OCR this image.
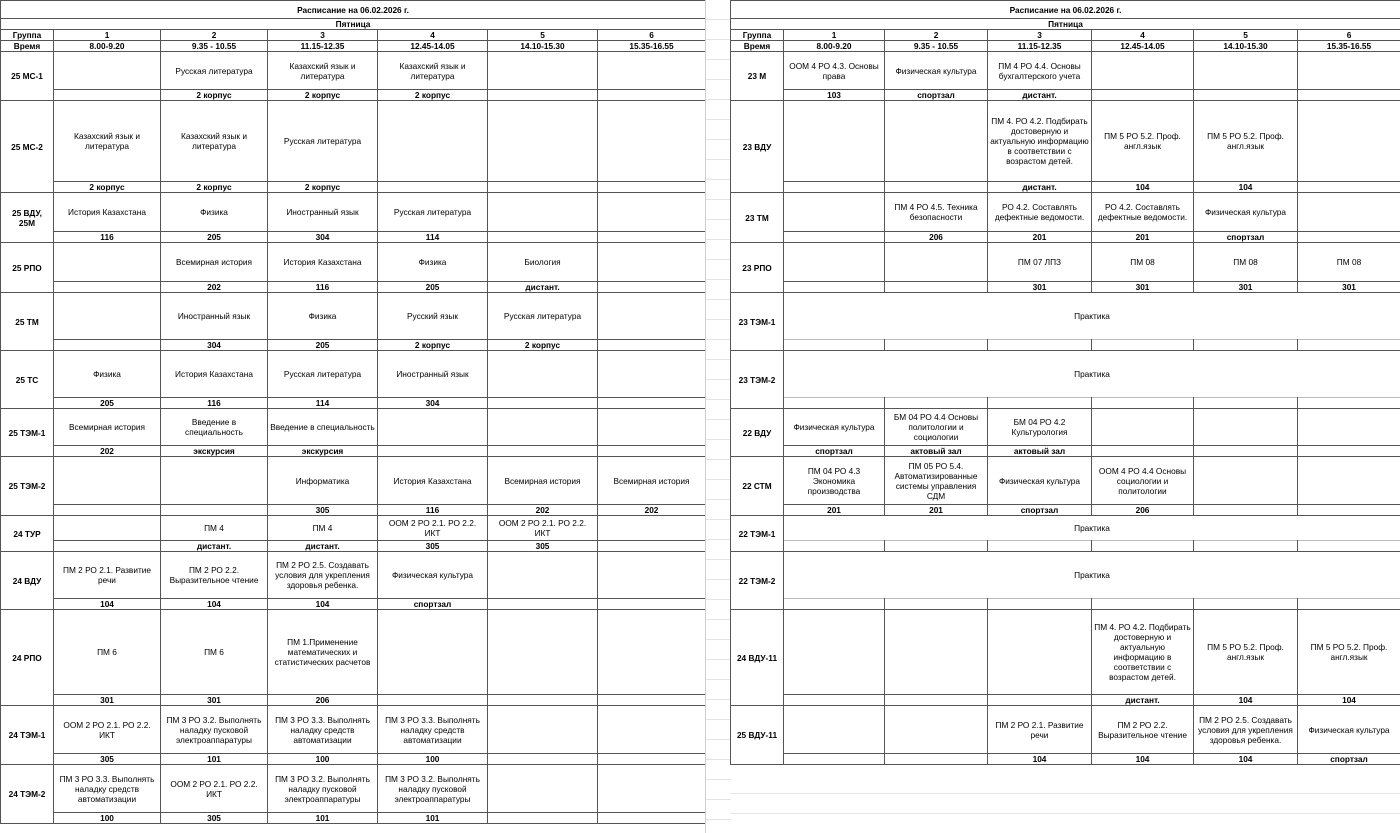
Расписание на 06.02.2026 г.						
Пятница						
Группа	1	2	3	4	5	6
Время	8.00-9.20	9.35 - 10.55	11.15-12.35	12.45-14.05	14.10-15.30	15.35-16.55
25 МС-1		Русская литература	Казахский язык и литература	Казахский язык и литература		
		2 корпус	2 корпус	2 корпус		
25 МС-2	Казахский язык и литература	Казахский язык и литература	Русская литература			
	2 корпус	2 корпус	2 корпус			
25 ВДУ, 25М	История Казахстана	Физика	Иностранный язык	Русская литература		
	116	205	304	114		
25 РПО		Всемирная история	История Казахстана	Физика	Биология	
		202	116	205	дистант.	
25 ТМ		Иностранный язык	Физика	Русский язык	Русская литература	
		304	205	2 корпус	2 корпус	
25 ТС	Физика	История Казахстана	Русская литература	Иностранный язык		
	205	116	114	304		
25 ТЭМ-1	Всемирная история	Введение в специальность	Введение в специальность			
	202	экскурсия	экскурсия			
25 ТЭМ-2			Информатика	История Казахстана	Всемирная история	Всемирная история
			305	116	202	202
24 ТУР		ПМ 4	ПМ 4	ООМ 2 РО 2.1. РО 2.2. ИКТ	ООМ 2 РО 2.1. РО 2.2. ИКТ	
		дистант.	дистант.	305	305	
24 ВДУ	ПМ 2 РО 2.1. Развитие речи	ПМ 2 РО 2.2. Выразительное чтение	ПМ 2 РО 2.5. Создавать условия для укрепления здоровья ребенка.	Физическая культура		
	104	104	104	спортзал		
24 РПО	ПМ 6	ПМ 6	ПМ 1.Применение математических и статистических расчетов			
	301	301	206			
24 ТЭМ-1	ООМ 2 РО 2.1. РО 2.2. ИКТ	ПМ 3 РО 3.2. Выполнять наладку пусковой электроаппаратуры	ПМ 3 РО 3.3. Выполнять наладку средств автоматизации	ПМ 3 РО 3.3. Выполнять наладку средств автоматизации		
	305	101	100	100		
24 ТЭМ-2	ПМ 3 РО 3.3. Выполнять наладку средств автоматизации	ООМ 2 РО 2.1. РО 2.2. ИКТ	ПМ 3 РО 3.2. Выполнять наладку пусковой электроаппаратуры	ПМ 3 РО 3.2. Выполнять наладку пусковой электроаппаратуры		
	100	305	101	101		
Расписание на 06.02.2026 г.						
Пятница						
Группа	1	2	3	4	5	6
Время	8.00-9.20	9.35 - 10.55	11.15-12.35	12.45-14.05	14.10-15.30	15.35-16.55
23 М	ООМ 4 РО 4.3. Основы права	Физическая культура	ПМ 4 РО 4.4. Основы бухгалтерского учета			
	103	спортзал	дистант.			
23 ВДУ			ПМ 4. РО 4.2. Подбирать достоверную и актуальную информацию в соответствии с возрастом детей.	ПМ 5 РО 5.2. Проф. англ.язык	ПМ 5 РО 5.2. Проф. англ.язык	
			дистант.	104	104	
23 ТМ		ПМ 4 РО 4.5. Техника безопасности	РО 4.2. Составлять дефектные ведомости.	РО 4.2. Составлять дефектные ведомости.	Физическая культура	
		206	201	201	спортзал	
23 РПО			ПМ 07 ЛПЗ	ПМ 08	ПМ 08	ПМ 08
			301	301	301	301
23 ТЭМ-1	Практика					

23 ТЭМ-2	Практика					

22 ВДУ	Физическая культура	БМ 04 РО 4.4 Основы политологии и социологии	БМ 04 РО 4.2 Культурология			
	спортзал	актовый зал	актовый зал			
22 СТМ	ПМ 04 РО 4.3 Экономика производства	ПМ 05 РО 5.4. Автоматизированные системы управления СДМ	Физическая культура	ООМ 4 РО 4.4 Основы социологии и политологии		
	201	201	спортзал	206		
22 ТЭМ-1	Практика					

22 ТЭМ-2	Практика					

24 ВДУ-11				ПМ 4. РО 4.2. Подбирать достоверную и актуальную информацию в соответствии с возрастом детей.	ПМ 5 РО 5.2. Проф. англ.язык	ПМ 5 РО 5.2. Проф. англ.язык
				дистант.	104	104
25 ВДУ-11			ПМ 2 РО 2.1. Развитие речи	ПМ 2 РО 2.2. Выразительное чтение	ПМ 2 РО 2.5. Создавать условия для укрепления здоровья ребенка.	Физическая культура
			104	104	104	спортзал
